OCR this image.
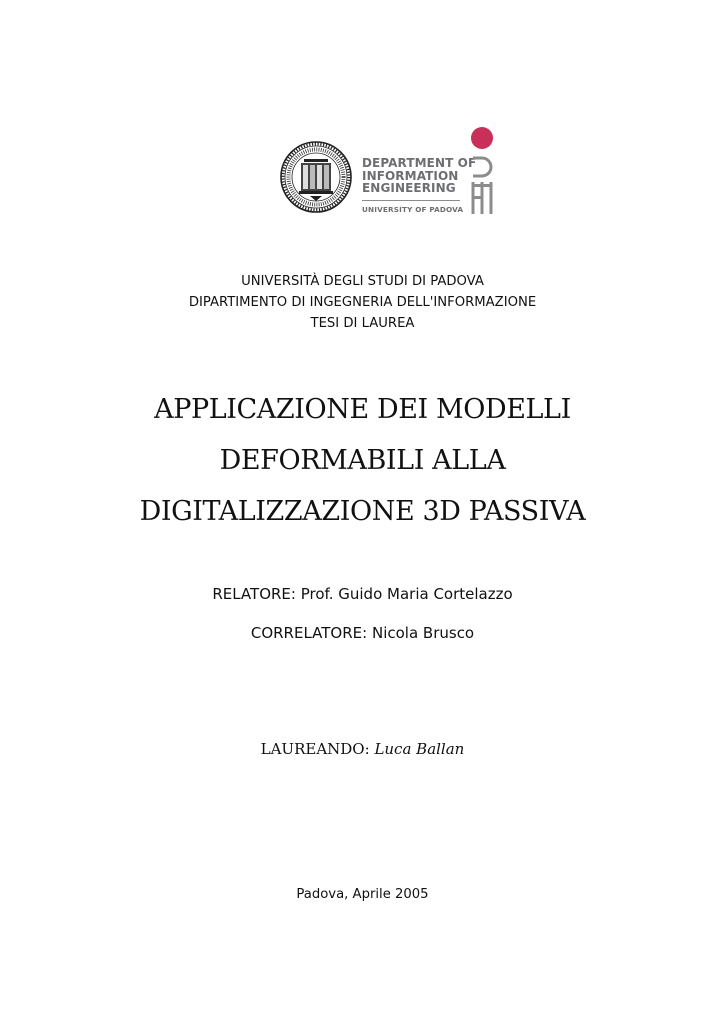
DEPARTMENT OF
INFORMATION
ENGINEERING
UNIVERSITY OF PADOVA
UNIVERSITÀ DEGLI STUDI DI PADOVA
DIPARTIMENTO DI INGEGNERIA DELL'INFORMAZIONE
TESI DI LAUREA
APPLICAZIONE DEI MODELLI
DEFORMABILI ALLA
DIGITALIZZAZIONE 3D PASSIVA
RELATORE: Prof. Guido Maria Cortelazzo
CORRELATORE: Nicola Brusco
LAUREANDO: Luca Ballan
Padova, Aprile 2005
